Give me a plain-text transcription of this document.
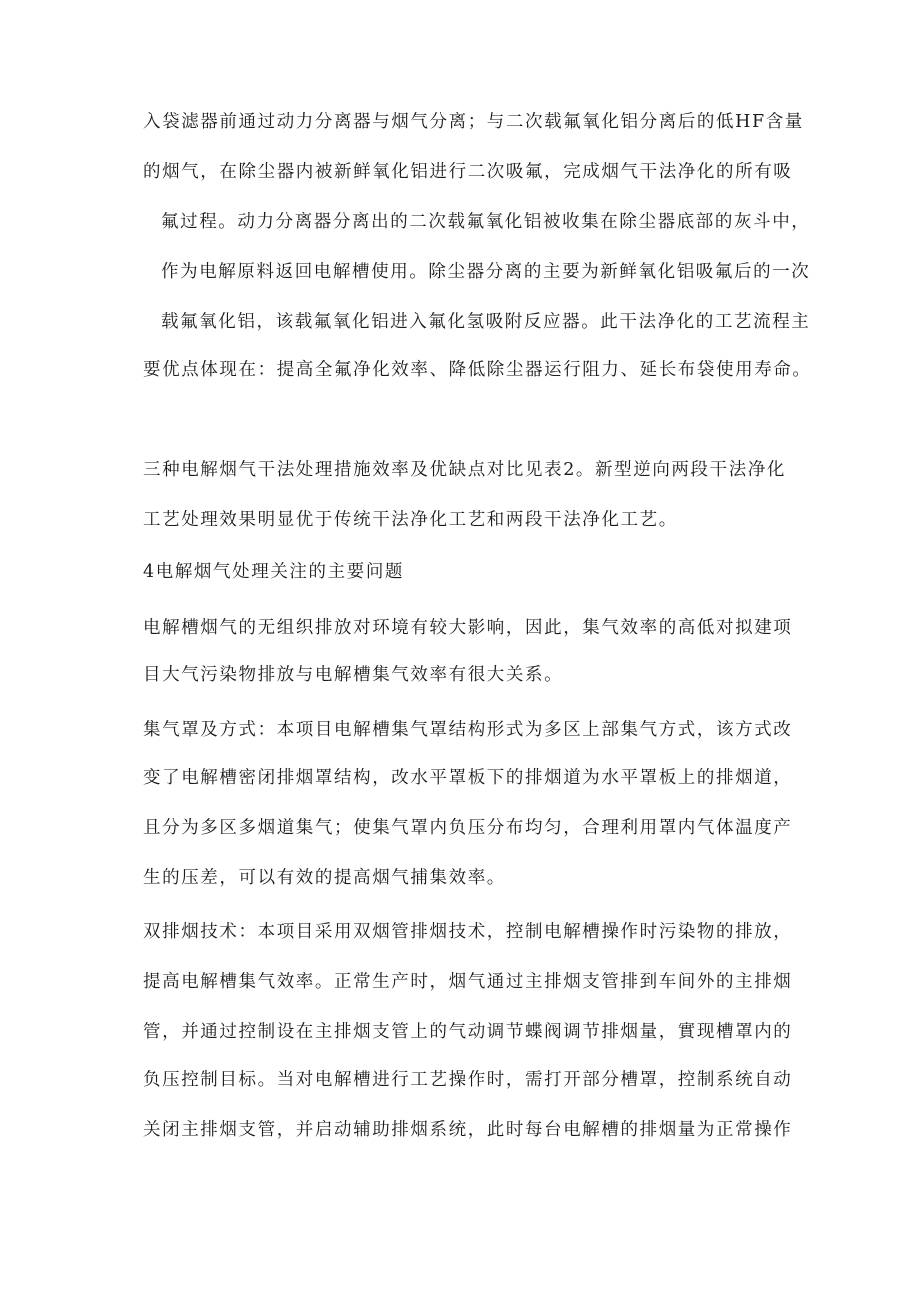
入袋滤器前通过动力分离器与烟气分离；与二次载氟氧化铝分离后的低HF含量
的烟气，在除尘器内被新鲜氧化铝进行二次吸氟，完成烟气干法净化的所有吸
氟过程。动力分离器分离出的二次载氟氧化铝被收集在除尘器底部的灰斗中，
作为电解原料返回电解槽使用。除尘器分离的主要为新鲜氧化铝吸氟后的一次
载氟氧化铝，该载氟氧化铝进入氟化氢吸附反应器。此干法净化的工艺流程主
要优点体现在：提高全氟净化效率、降低除尘器运行阻力、延长布袋使用寿命。
三种电解烟气干法处理措施效率及优缺点对比见表2。新型逆向两段干法净化
工艺处理效果明显优于传统干法净化工艺和两段干法净化工艺。
4电解烟气处理关注的主要问题
电解槽烟气的无组织排放对环境有较大影响，因此，集气效率的高低对拟建项
目大气污染物排放与电解槽集气效率有很大关系。
集气罩及方式：本项目电解槽集气罩结构形式为多区上部集气方式，该方式改
变了电解槽密闭排烟罩结构，改水平罩板下的排烟道为水平罩板上的排烟道，
且分为多区多烟道集气；使集气罩内负压分布均匀，合理利用罩内气体温度产
生的压差，可以有效的提高烟气捕集效率。
双排烟技术：本项目采用双烟管排烟技术，控制电解槽操作时污染物的排放，
提高电解槽集气效率。正常生产时，烟气通过主排烟支管排到车间外的主排烟
管，并通过控制设在主排烟支管上的气动调节蝶阀调节排烟量，實现槽罩内的
负压控制目标。当对电解槽进行工艺操作时，需打开部分槽罩，控制系统自动
关闭主排烟支管，并启动辅助排烟系统，此时每台电解槽的排烟量为正常操作
